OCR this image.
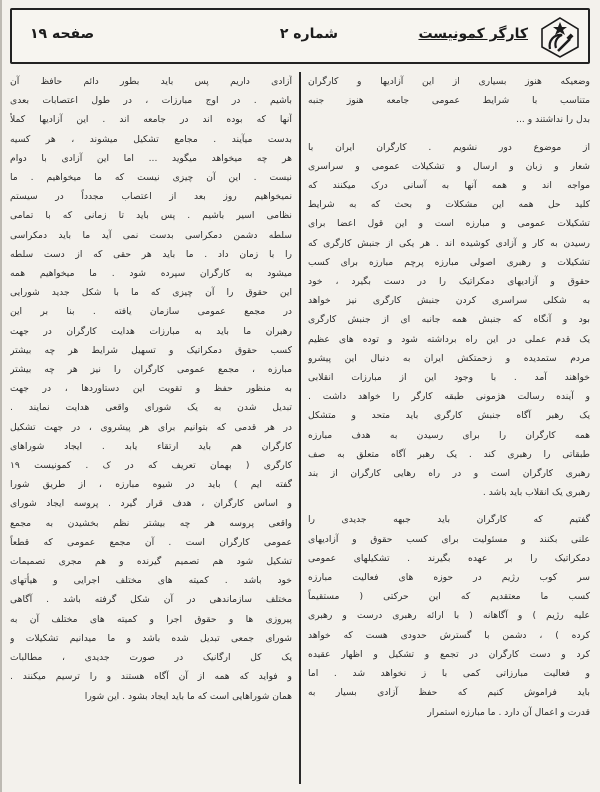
کارگر کمونیست
شماره ۲
صفحه ۱۹

وضعیکه هنوز بسیاری از این آزادیها و کارگران
متناسب با شرایط عمومی جامعه هنوز جنبه
بدل را نداشتند و ...

از موضوع دور نشویم . کارگران ایران با
شعار و زبان و ارسال و تشکیلات عمومی و سراسری
مواجه اند و همه آنها به آسانی درک میکنند که
کلید حل همه این مشکلات و بحث که به شرایط
تشکیلات عمومی و مبارزه است و این قول اعضا برای
رسیدن به کار و آزادی کوشیده اند . هر یکی از جنبش کارگری که
تشکیلات و رهبری اصولی مبارزه پرچم مبارزه برای کسب
حقوق و آزادیهای دمکراتیک را در دست بگیرد ، خود
به شکلی سراسری کردن جنبش کارگری نیز خواهد
بود و آنگاه که جنبش همه جانبه ای از جنبش کارگری
یک قدم عملی در این راه برداشته شود و توده های عظیم
مردم ستمدیده و زحمتکش ایران به دنبال این پیشرو
خواهند آمد . با وجود این از مبارزات انقلابی
و آینده رسالت هژمونی طبقه کارگر را خواهد داشت .
یک رهبر آگاه جنبش کارگری باید متحد و متشکل
همه کارگران را برای رسیدن به هدف مبارزه
طبقاتی را رهبری کند . یک رهبر آگاه متعلق به صف
رهبری کارگران است و در راه رهایی کارگران از بند
رهبری یک انقلاب باید باشد .

گفتیم که کارگران باید جبهه جدیدی را
علنی بکنند و مسئولیت برای کسب حقوق و آزادیهای
دمکراتیک را بر عهده بگیرند . تشکیلهای عمومی
سر کوب رژیم در حوزه های فعالیت مبارزه
کسب ما معتقدیم که این حرکتی ( مستقیماً
علیه رژیم ) و آگاهانه ( با ارائه رهبری درست و رهبری
کرده ) ، دشمن با گسترش حدودی هست که خواهد
کرد و دست کارگران در تجمع و تشکیل و اظهار عقیده
و فعالیت مبارزاتی کمی با ز نخواهد شد . اما
باید فراموش کنیم که حفظ آزادی بسیار به
قدرت و اعمال آن دارد . ما مبارزه استمرار

آزادی داریم پس باید بطور دائم حافظ آن
باشیم . در اوج مبارزات ، در طول اعتصابات بعدی
آنها که بوده اند در جامعه اند . این آزادیها کملاً
بدست میآیند . مجامع تشکیل میشوند ، هر کسیه
هر چه میخواهد میگوید ... اما این آزادی با دوام
نیست . این آن چیزی نیست که ما میخواهیم . ما
نمیخواهیم روز بعد از اعتصاب مجدداً در سیستم
نظامی اسیر باشیم . پس باید تا زمانی که با تمامی
سلطه دشمن دمکراسی بدست نمی آید ما باید دمکراسی
را با زمان داد . ما باید هر حقی که از دست سلطه
میشود به کارگران سپرده شود . ما میخواهیم همه
این حقوق را آن چیزی که ما با شکل جدید شورایی
در مجمع عمومی سازمان یافته . بنا بر این
رهبران ما باید به مبارزات هدایت کارگران در جهت
کسب حقوق دمکراتیک و تسهیل شرایط هر چه بیشتر
مبارزه ، مجمع عمومی کارگران را نیز هر چه بیشتر
به منظور حفظ و تقویت این دستاوردها ، در جهت
تبدیل شدن به یک شورای واقعی هدایت نمایند .
در هر قدمی که بتوانیم برای هر پیشروی ، در جهت تشکیل
کارگران هم باید ارتقاء یابد . ایجاد شوراهای
کارگری ( بهمان تعریف که در ک . کمونیست ۱۹
گفته ایم ) باید در شیوه مبارزه ، از طریق شورا
و اساس کارگران ، هدف قرار گیرد . پروسه ایجاد شورای
واقعی پروسه هر چه بیشتر نظم بخشیدن به مجمع
عمومی کارگران است . آن مجمع عمومی که قطعاً
تشکیل شود هم تصمیم گیرنده و هم مجری تصمیمات
خود باشد . کمیته های مختلف اجرایی و هیأتهای
مختلف سازماندهی در آن شکل گرفته باشد . آگاهی
پیروزی ها و حقوق اجرا و کمیته های مختلف آن به
شورای جمعی تبدیل شده باشد و ما میدانیم تشکیلات و
یک کل ارگانیک در صورت جدیدی ، مطالبات
و فواید که همه از آن آگاه هستند و را ترسیم میکنند .
همان شوراهایی است که ما باید ایجاد بشود . این شورا
